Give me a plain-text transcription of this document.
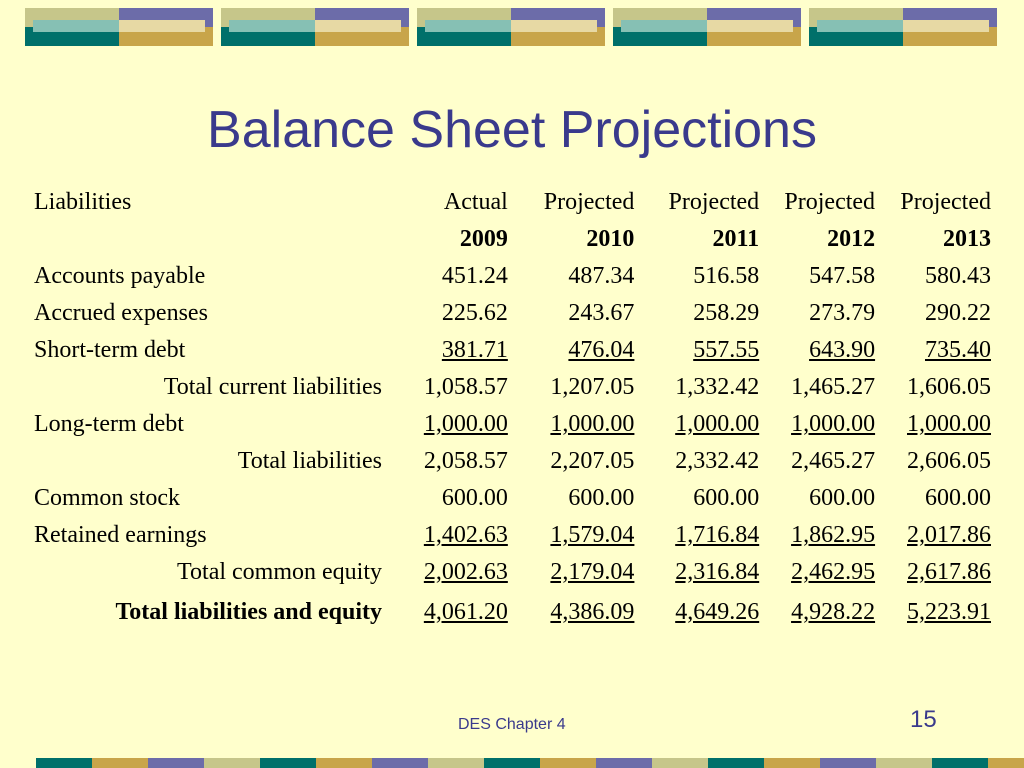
Balance Sheet Projections
Liabilities	Actual	Projected	Projected	Projected	Projected
	2009	2010	2011	2012	2013
Accounts payable	451.24	487.34	516.58	547.58	580.43
Accrued expenses	225.62	243.67	258.29	273.79	290.22
Short-term debt	381.71	476.04	557.55	643.90	735.40
Total current liabilities	1,058.57	1,207.05	1,332.42	1,465.27	1,606.05
Long-term debt	1,000.00	1,000.00	1,000.00	1,000.00	1,000.00
Total liabilities	2,058.57	2,207.05	2,332.42	2,465.27	2,606.05
Common stock	600.00	600.00	600.00	600.00	600.00
Retained earnings	1,402.63	1,579.04	1,716.84	1,862.95	2,017.86
Total common equity	2,002.63	2,179.04	2,316.84	2,462.95	2,617.86
Total liabilities and equity	4,061.20	4,386.09	4,649.26	4,928.22	5,223.91
DES Chapter 4	15
